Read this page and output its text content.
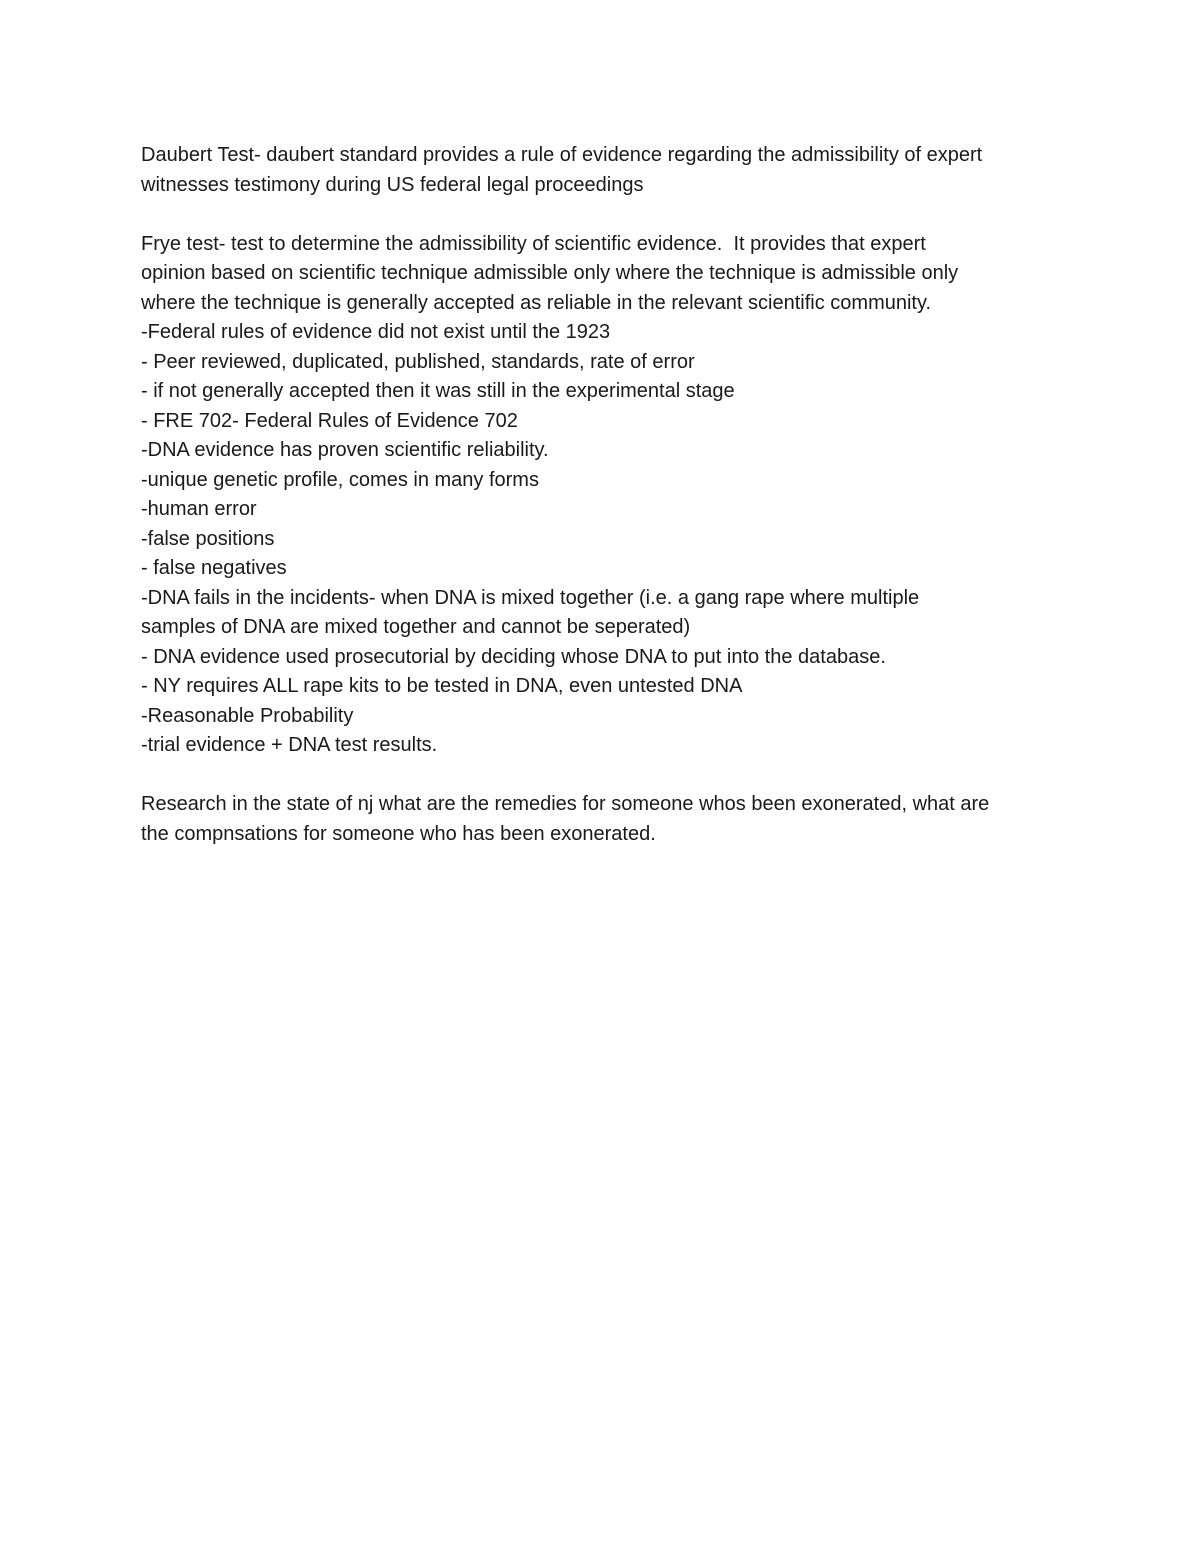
Daubert Test- daubert standard provides a rule of evidence regarding the admissibility of expert
witnesses testimony during US federal legal proceedings
Frye test- test to determine the admissibility of scientific evidence.  It provides that expert
opinion based on scientific technique admissible only where the technique is admissible only
where the technique is generally accepted as reliable in the relevant scientific community.
-Federal rules of evidence did not exist until the 1923
- Peer reviewed, duplicated, published, standards, rate of error
- if not generally accepted then it was still in the experimental stage
- FRE 702- Federal Rules of Evidence 702
-DNA evidence has proven scientific reliability.
-unique genetic profile, comes in many forms
-human error
-false positions
- false negatives
-DNA fails in the incidents- when DNA is mixed together (i.e. a gang rape where multiple
samples of DNA are mixed together and cannot be seperated)
- DNA evidence used prosecutorial by deciding whose DNA to put into the database.
- NY requires ALL rape kits to be tested in DNA, even untested DNA
-Reasonable Probability
-trial evidence + DNA test results.
Research in the state of nj what are the remedies for someone whos been exonerated, what are
the compnsations for someone who has been exonerated.
